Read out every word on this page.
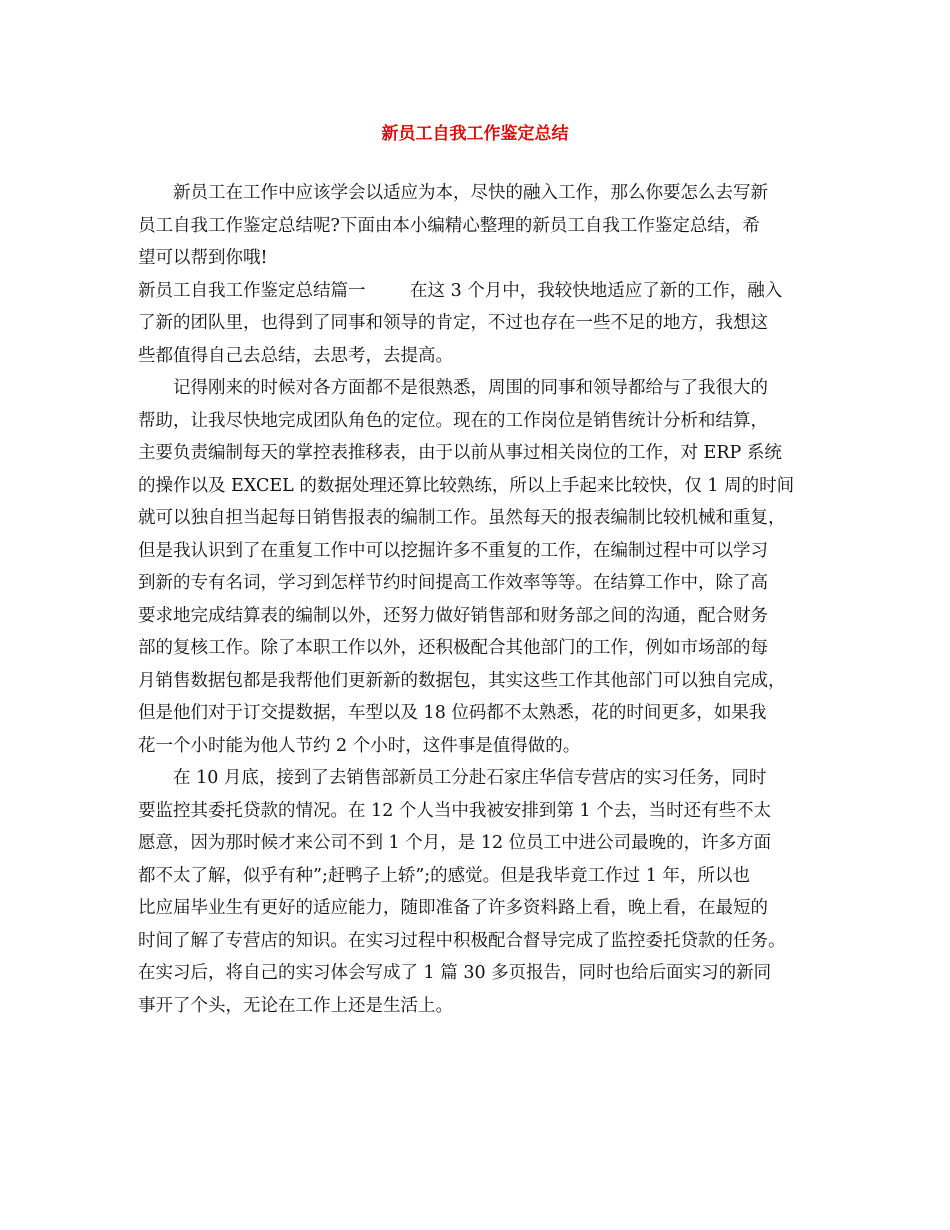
新员工自我工作鉴定总结
新员工在工作中应该学会以适应为本，尽快的融入工作，那么你要怎么去写新
员工自我工作鉴定总结呢?下面由本小编精心整理的新员工自我工作鉴定总结，希
望可以帮到你哦!
新员工自我工作鉴定总结篇一        在这 3 个月中，我较快地适应了新的工作，融入
了新的团队里，也得到了同事和领导的肯定，不过也存在一些不足的地方，我想这
些都值得自己去总结，去思考，去提高。
记得刚来的时候对各方面都不是很熟悉，周围的同事和领导都给与了我很大的
帮助，让我尽快地完成团队角色的定位。现在的工作岗位是销售统计分析和结算，
主要负责编制每天的掌控表推移表，由于以前从事过相关岗位的工作，对 ERP 系统
的操作以及 EXCEL 的数据处理还算比较熟练，所以上手起来比较快，仅 1 周的时间
就可以独自担当起每日销售报表的编制工作。虽然每天的报表编制比较机械和重复，
但是我认识到了在重复工作中可以挖掘许多不重复的工作，在编制过程中可以学习
到新的专有名词，学习到怎样节约时间提高工作效率等等。在结算工作中，除了高
要求地完成结算表的编制以外，还努力做好销售部和财务部之间的沟通，配合财务
部的复核工作。除了本职工作以外，还积极配合其他部门的工作，例如市场部的每
月销售数据包都是我帮他们更新新的数据包，其实这些工作其他部门可以独自完成，
但是他们对于订交提数据，车型以及 18 位码都不太熟悉，花的时间更多，如果我
花一个小时能为他人节约 2 个小时，这件事是值得做的。
在 10 月底，接到了去销售部新员工分赴石家庄华信专营店的实习任务，同时
要监控其委托贷款的情况。在 12 个人当中我被安排到第 1 个去，当时还有些不太
愿意，因为那时候才来公司不到 1 个月，是 12 位员工中进公司最晚的，许多方面
都不太了解，似乎有种”;赶鸭子上轿”;的感觉。但是我毕竟工作过 1 年，所以也
比应届毕业生有更好的适应能力，随即准备了许多资料路上看，晚上看，在最短的
时间了解了专营店的知识。在实习过程中积极配合督导完成了监控委托贷款的任务。
在实习后，将自己的实习体会写成了 1 篇 30 多页报告，同时也给后面实习的新同
事开了个头，无论在工作上还是生活上。
